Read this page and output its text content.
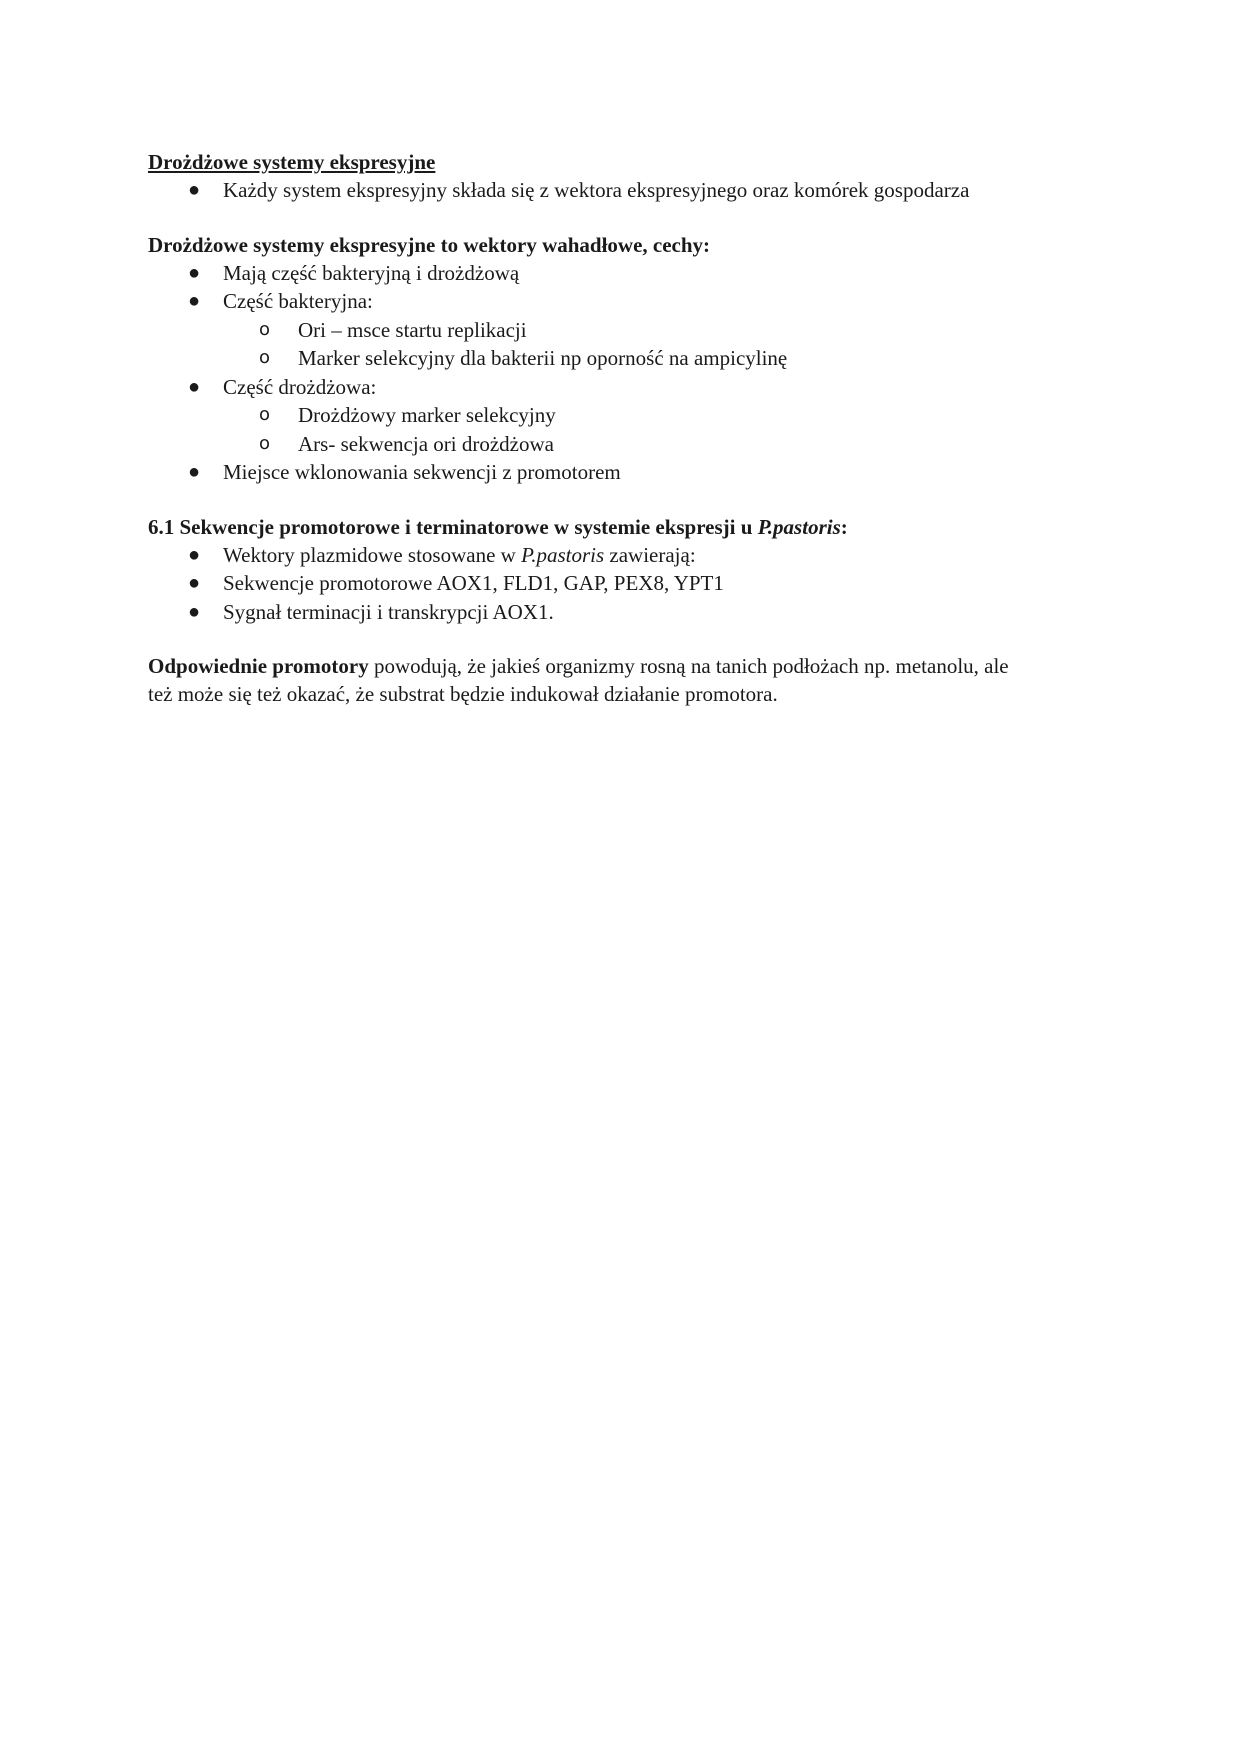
Drożdżowe systemy ekspresyjne
● Każdy system ekspresyjny składa się z wektora ekspresyjnego oraz komórek gospodarza
Drożdżowe systemy ekspresyjne to wektory wahadłowe, cechy:
● Mają część bakteryjną i drożdżową
● Część bakteryjna:
o Ori – msce startu replikacji
o Marker selekcyjny dla bakterii np oporność na ampicylinę
● Część drożdżowa:
o Drożdżowy marker selekcyjny
o Ars- sekwencja ori drożdżowa
● Miejsce wklonowania sekwencji z promotorem
6.1 Sekwencje promotorowe i terminatorowe w systemie ekspresji u P.pastoris:
● Wektory plazmidowe stosowane w P.pastoris zawierają:
● Sekwencje promotorowe AOX1, FLD1, GAP, PEX8, YPT1
● Sygnał terminacji i transkrypcji AOX1.

Odpowiednie promotory powodują, że jakieś organizmy rosną na tanich podłożach np. metanolu, ale
też może się też okazać, że substrat będzie indukował działanie promotora.
